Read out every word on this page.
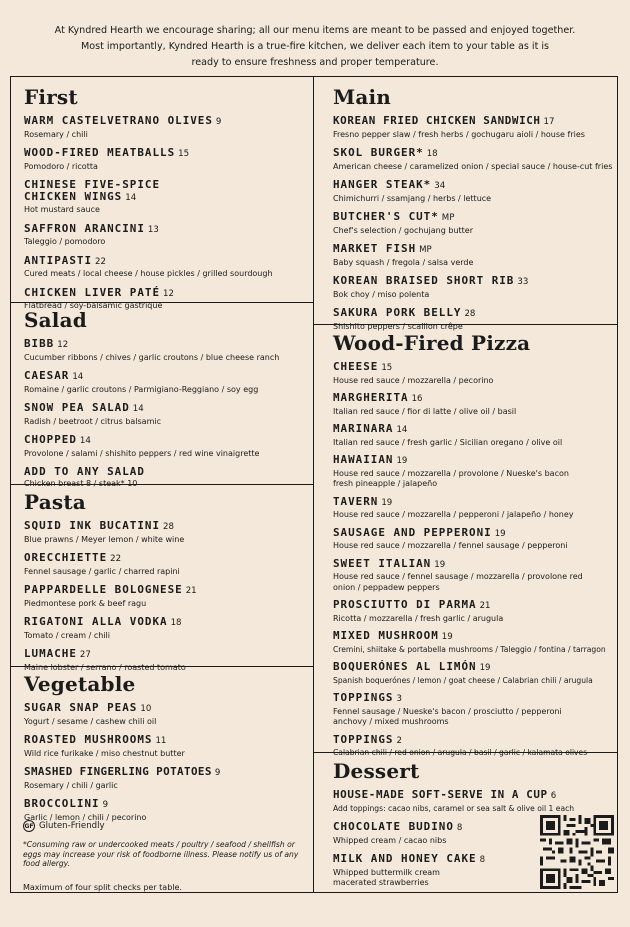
At Kyndred Hearth we encourage sharing; all our menu items are meant to be passed and enjoyed together.
Most importantly, Kyndred Hearth is a true-fire kitchen, we deliver each item to your table as it is
ready to ensure freshness and proper temperature.
First
WARM CASTELVETRANO OLIVES 9
Rosemary / chili
WOOD-FIRED MEATBALLS 15
Pomodoro / ricotta
CHINESE FIVE-SPICE CHICKEN WINGS 14
Hot mustard sauce
SAFFRON ARANCINI 13
Taleggio / pomodoro
ANTIPASTI 22
Cured meats / local cheese / house pickles / grilled sourdough
CHICKEN LIVER PATÉ 12
Flatbread / soy-balsamic gastrique
Salad
BIBB 12
Cucumber ribbons / chives / garlic croutons / blue cheese ranch
CAESAR 14
Romaine / garlic croutons / Parmigiano-Reggiano / soy egg
SNOW PEA SALAD 14
Radish / beetroot / citrus balsamic
CHOPPED 14
Provolone / salami / shishito peppers / red wine vinaigrette
ADD TO ANY SALAD
Chicken breast 8 / steak* 10
Pasta
SQUID INK BUCATINI 28
Blue prawns / Meyer lemon / white wine
ORECCHIETTE 22
Fennel sausage / garlic / charred rapini
PAPPARDELLE BOLOGNESE 21
Piedmontese pork & beef ragu
RIGATONI ALLA VODKA 18
Tomato / cream / chili
LUMACHE 27
Maine lobster / serrano / roasted tomato
Vegetable
SUGAR SNAP PEAS 10
Yogurt / sesame / cashew chili oil
ROASTED MUSHROOMS 11
Wild rice furikake / miso chestnut butter
SMASHED FINGERLING POTATOES 9
Rosemary / chili / garlic
BROCCOLINI 9
Garlic / lemon / chili / pecorino
GF Gluten-Friendly
*Consuming raw or undercooked meats / poultry / seafood / shellfish or eggs may increase your risk of foodborne illness. Please notify us of any food allergy.
Maximum of four split checks per table.
Main
KOREAN FRIED CHICKEN SANDWICH 17
Fresno pepper slaw / fresh herbs / gochugaru aioli / house fries
SKOL BURGER* 18
American cheese / caramelized onion / special sauce / house-cut fries
HANGER STEAK* 34
Chimichurri / ssamjang / herbs / lettuce
BUTCHER'S CUT* MP
Chef's selection / gochujang butter
MARKET FISH MP
Baby squash / fregola / salsa verde
KOREAN BRAISED SHORT RIB 33
Bok choy / miso polenta
SAKURA PORK BELLY 28
Shishito peppers / scallion crêpe
Wood-Fired Pizza
CHEESE 15
House red sauce / mozzarella / pecorino
MARGHERITA 16
Italian red sauce / fior di latte / olive oil / basil
MARINARA 14
Italian red sauce / fresh garlic / Sicilian oregano / olive oil
HAWAIIAN 19
House red sauce / mozzarella / provolone / Nueske's bacon fresh pineapple / jalapeño
TAVERN 19
House red sauce / mozzarella / pepperoni / jalapeño / honey
SAUSAGE AND PEPPERONI 19
House red sauce / mozzarella / fennel sausage / pepperoni
SWEET ITALIAN 19
House red sauce / fennel sausage / mozzarella / provolone red onion / peppadew peppers
PROSCIUTTO DI PARMA 21
Ricotta / mozzarella / fresh garlic / arugula
MIXED MUSHROOM 19
Cremini, shiitake & portabella mushrooms / Taleggio / fontina / tarragon
BOQUERÓNES AL LIMÓN 19
Spanish boquerónes / lemon / goat cheese / Calabrian chili / arugula
TOPPINGS 3
Fennel sausage / Nueske's bacon / prosciutto / pepperoni anchovy / mixed mushrooms
TOPPINGS 2
Calabrian chili / red onion / arugula / basil / garlic / kalamata olives
Dessert
HOUSE-MADE SOFT-SERVE IN A CUP 6
Add toppings: cacao nibs, caramel or sea salt & olive oil 1 each
CHOCOLATE BUDINO 8
Whipped cream / cacao nibs
MILK AND HONEY CAKE 8
Whipped buttermilk cream macerated strawberries
